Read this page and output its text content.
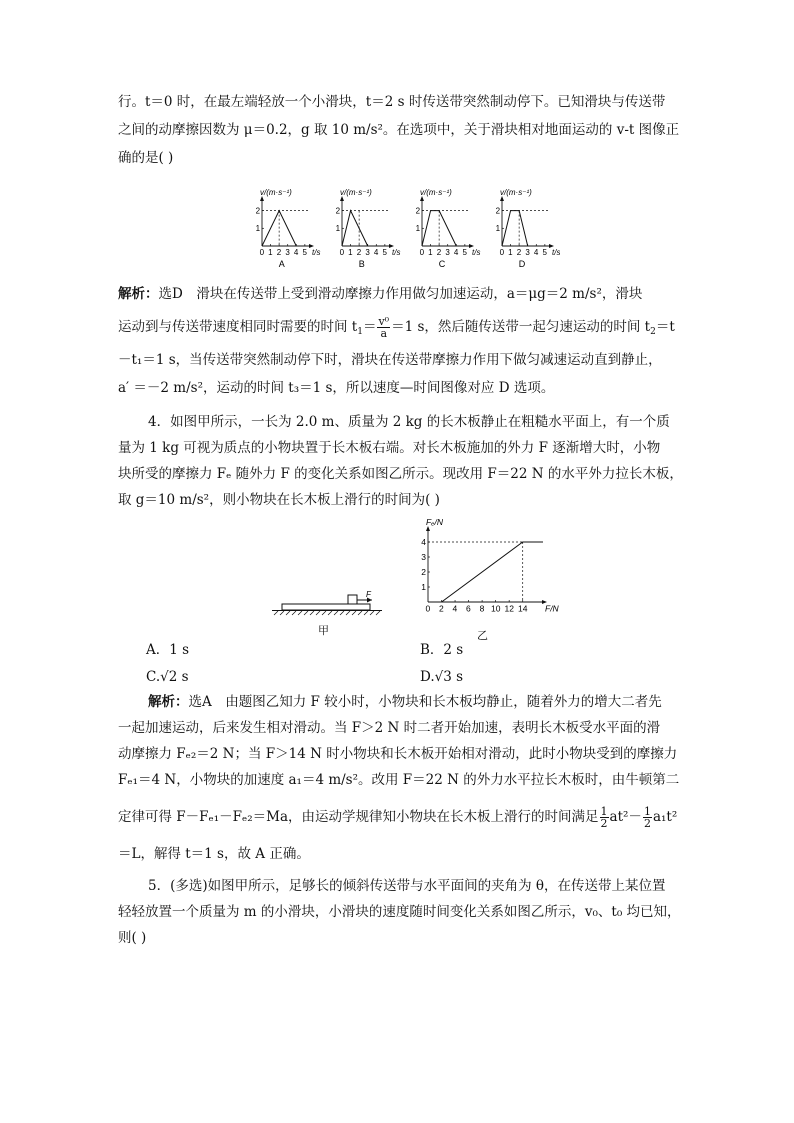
行。t＝0 时，在最左端轻放一个小滑块，t＝2 s 时传送带突然制动停下。已知滑块与传送带
之间的动摩擦因数为 μ＝0.2，g 取 10 m/s²。在选项中，关于滑块相对地面运动的 v-t 图像正
确的是( )
v/(m·s⁻¹)
t/s
0 1 2 3 4 5
1
2
A
v/(m·s⁻¹)
t/s
0 1 2 3 4 5
1
2
B
v/(m·s⁻¹)
t/s
0 1 2 3 4 5
1
2
C
v/(m·s⁻¹)
t/s
0 1 2 3 4 5
1
2
D
解析：选D　滑块在传送带上受到滑动摩擦力作用做匀加速运动，a＝μg＝2 m/s²，滑块
运动到与传送带速度相同时需要的时间 $t_1= \frac{\text{v⁰}}{a} =1$ s，然后随传送带一起匀速运动的时间 $t_2=t$
－t₁＝1 s，当传送带突然制动停下时，滑块在传送带摩擦力作用下做匀减速运动直到静止，
a′ ＝－2 m/s²，运动的时间 t₃＝1 s，所以速度—时间图像对应 D 选项。
4．如图甲所示，一长为 2.0 m、质量为 2 kg 的长木板静止在粗糙水平面上，有一个质
量为 1 kg 可视为质点的小物块置于长木板右端。对长木板施加的外力 F 逐渐增大时，小物
块所受的摩擦力 Fₑ 随外力 F 的变化关系如图乙所示。现改用 F＝22 N 的水平外力拉长木板，
取 g＝10 m/s²，则小物块在长木板上滑行的时间为( )
F
甲
Fₑ/N
F/N
0 2 4 6 8 10 12 14
1
2
3
4
乙
A．1 s	B．2 s
C.√2 s	D.√3 s
解析：选A　由题图乙知力 F 较小时，小物块和长木板均静止，随着外力的增大二者先
一起加速运动，后来发生相对滑动。当 F＞2 N 时二者开始加速，表明长木板受水平面的滑
动摩擦力 Fₑ₂＝2 N；当 F＞14 N 时小物块和长木板开始相对滑动，此时小物块受到的摩擦力
Fₑ₁＝4 N，小物块的加速度 a₁＝4 m/s²。改用 F＝22 N 的外力水平拉长木板时，由牛顿第二
定律可得 F－Fₑ₁－Fₑ₂＝Ma，由运动学规律知小物块在长木板上滑行的时间满足 $\frac{1}{2} at^2- \frac{1}{2} a_1t^2$
＝L，解得 t＝1 s，故 A 正确。
5．(多选)如图甲所示，足够长的倾斜传送带与水平面间的夹角为 θ，在传送带上某位置
轻轻放置一个质量为 m 的小滑块，小滑块的速度随时间变化关系如图乙所示，v₀、t₀ 均已知，
则( )
